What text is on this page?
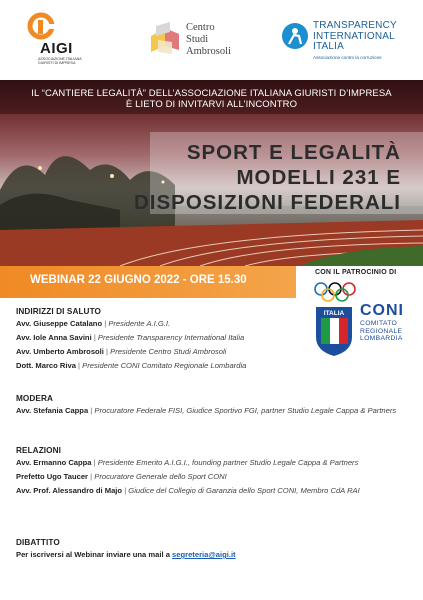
AIGI
ASSOCIAZIONE ITALIANA GIURISTI DI IMPRESA
Centro
Studi
Ambrosoli
TRANSPARENCY
INTERNATIONAL
ITALIA
Associazione contro la corruzione
IL “CANTIERE LEGALITÀ” DELL’ASSOCIAZIONE ITALIANA GIURISTI D’IMPRESA
È LIETO DI INVITARVI ALL’INCONTRO
SPORT E LEGALITÀ
MODELLI 231 E
DISPOSIZIONI FEDERALI
WEBINAR 22 GIUGNO 2022 - ORE 15.30
CON IL PATROCINIO DI
ITALIA CONI
COMITATO
REGIONALE
LOMBARDIA
INDIRIZZI DI SALUTO
Avv. Giuseppe Catalano | Presidente A.I.G.I.
Avv. Iole Anna Savini | Presidente Transparency International Italia
Avv. Umberto Ambrosoli | Presidente Centro Studi Ambrosoli
Dott. Marco Riva | Presidente CONI Comitato Regionale Lombardia
MODERA
Avv. Stefania Cappa | Procuratore Federale FISI, Giudice Sportivo FGI, partner Studio Legale Cappa & Partners
RELAZIONI
Avv. Ermanno Cappa | Presidente Emerito A.I.G.I., founding partner Studio Legale Cappa & Partners
Prefetto Ugo Taucer | Procuratore Generale dello Sport CONI
Avv. Prof. Alessandro di Majo | Giudice del Collegio di Garanzia dello Sport CONI, Membro CdA RAI
DIBATTITO
Per iscriversi al Webinar inviare una mail a segreteria@aigi.it
